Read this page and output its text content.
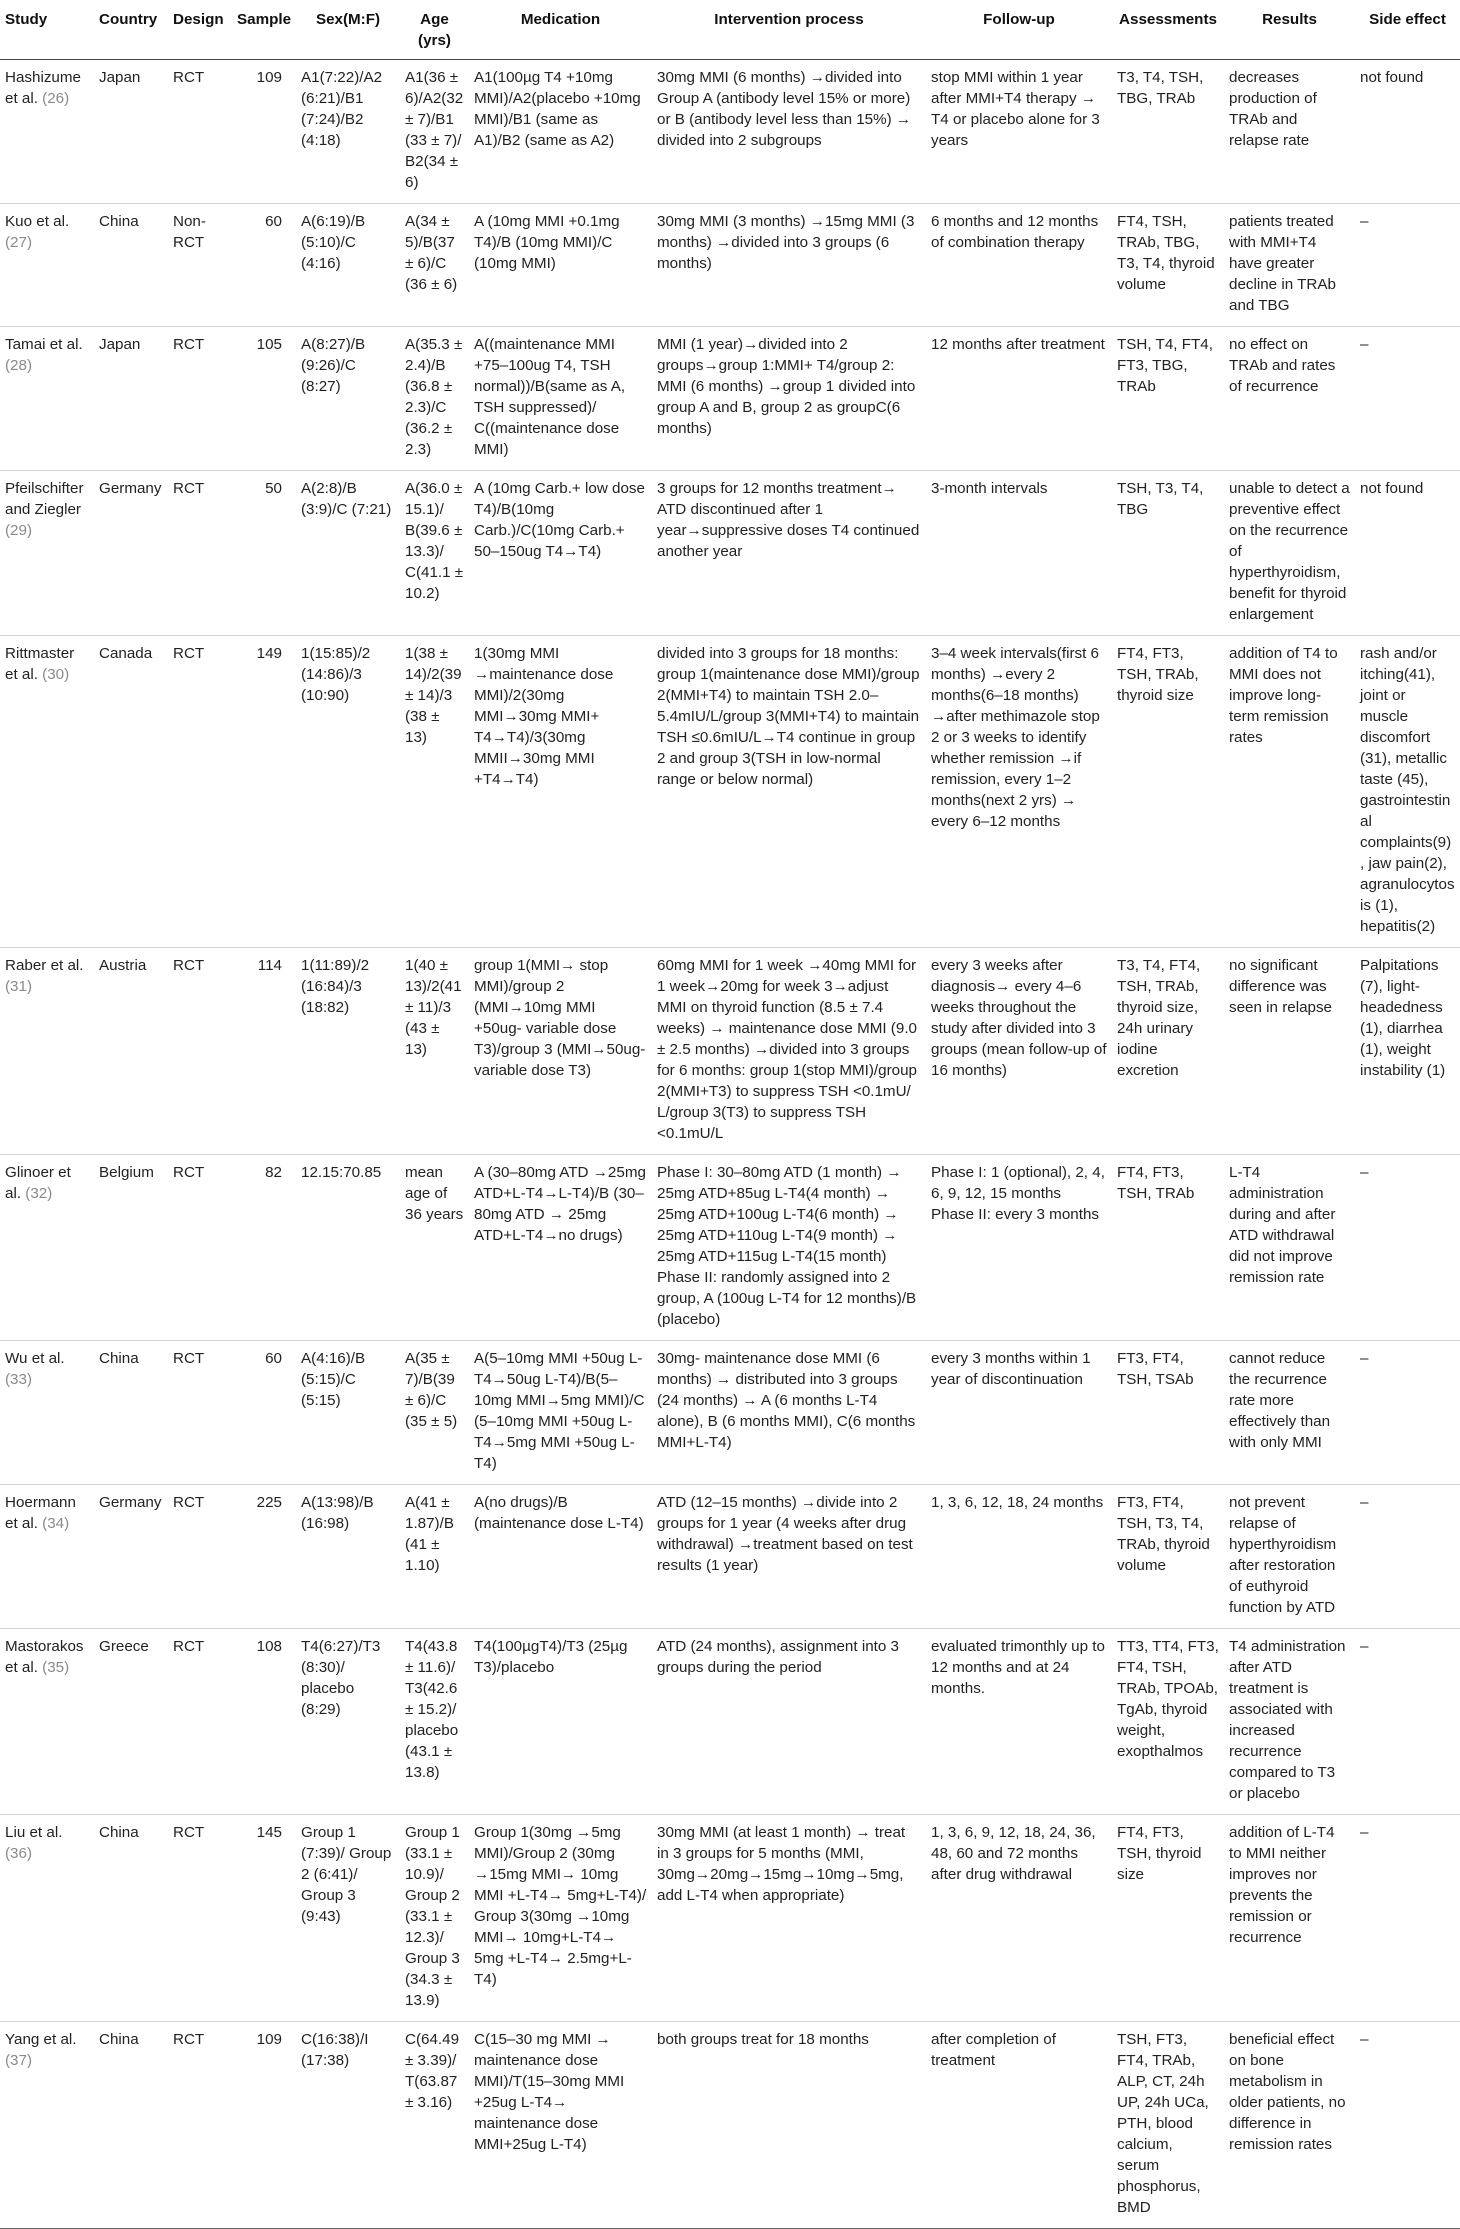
Study	Country	Design	Sample	Sex(M:F)	Age (yrs)	Medication	Intervention process	Follow-up	Assessments	Results	Side effect
Hashizume et al. (26)	Japan	RCT	109	A1(7:22)/A2 (6:21)/B1 (7:24)/B2 (4:18)	A1(36 ± 6)/A2(32 ± 7)/B1 (33 ± 7)/ B2(34 ± 6)	A1(100µg T4 +10mg MMI)/A2(placebo +10mg MMI)/B1 (same as A1)/B2 (same as A2)	30mg MMI (6 months) →divided into Group A (antibody level 15% or more) or B (antibody level less than 15%) → divided into 2 subgroups	stop MMI within 1 year after MMI+T4 therapy → T4 or placebo alone for 3 years	T3, T4, TSH, TBG, TRAb	decreases production of TRAb and relapse rate	not found
Kuo et al. (27)	China	Non-RCT	60	A(6:19)/B (5:10)/C (4:16)	A(34 ± 5)/B(37 ± 6)/C (36 ± 6)	A (10mg MMI +0.1mg T4)/B (10mg MMI)/C (10mg MMI)	30mg MMI (3 months) →15mg MMI (3 months) →divided into 3 groups (6 months)	6 months and 12 months of combination therapy	FT4, TSH, TRAb, TBG, T3, T4, thyroid volume	patients treated with MMI+T4 have greater decline in TRAb and TBG	–
Tamai et al. (28)	Japan	RCT	105	A(8:27)/B (9:26)/C (8:27)	A(35.3 ± 2.4)/B (36.8 ± 2.3)/C (36.2 ± 2.3)	A((maintenance MMI +75–100ug T4, TSH normal))/B(same as A, TSH suppressed)/ C((maintenance dose MMI)	MMI (1 year)→divided into 2 groups→group 1:MMI+ T4/group 2: MMI (6 months) →group 1 divided into group A and B, group 2 as groupC(6 months)	12 months after treatment	TSH, T4, FT4, FT3, TBG, TRAb	no effect on TRAb and rates of recurrence	–
Pfeilschifter and Ziegler (29)	Germany	RCT	50	A(2:8)/B (3:9)/C (7:21)	A(36.0 ± 15.1)/ B(39.6 ± 13.3)/ C(41.1 ± 10.2)	A (10mg Carb.+ low dose T4)/B(10mg Carb.)/C(10mg Carb.+ 50–150ug T4→T4)	3 groups for 12 months treatment→ ATD discontinued after 1 year→suppressive doses T4 continued another year	3-month intervals	TSH, T3, T4, TBG	unable to detect a preventive effect on the recurrence of hyperthyroidism, benefit for thyroid enlargement	not found
Rittmaster et al. (30)	Canada	RCT	149	1(15:85)/2 (14:86)/3 (10:90)	1(38 ± 14)/2(39 ± 14)/3 (38 ± 13)	1(30mg MMI →maintenance dose MMI)/2(30mg MMI→30mg MMI+ T4→T4)/3(30mg MMII→30mg MMI +T4→T4)	divided into 3 groups for 18 months: group 1(maintenance dose MMI)/group 2(MMI+T4) to maintain TSH 2.0–5.4mIU/L/group 3(MMI+T4) to maintain TSH ≤0.6mIU/L→T4 continue in group 2 and group 3(TSH in low-normal range or below normal)	3–4 week intervals(first 6 months) →every 2 months(6–18 months) →after methimazole stop 2 or 3 weeks to identify whether remission →if remission, every 1–2 months(next 2 yrs) → every 6–12 months	FT4, FT3, TSH, TRAb, thyroid size	addition of T4 to MMI does not improve long-term remission rates	rash and/or itching(41), joint or muscle discomfort (31), metallic taste (45), gastrointestinal complaints(9), jaw pain(2), agranulocytosis (1), hepatitis(2)
Raber et al. (31)	Austria	RCT	114	1(11:89)/2 (16:84)/3 (18:82)	1(40 ± 13)/2(41 ± 11)/3 (43 ± 13)	group 1(MMI→ stop MMI)/group 2 (MMI→10mg MMI +50ug- variable dose T3)/group 3 (MMI→50ug- variable dose T3)	60mg MMI for 1 week →40mg MMI for 1 week→20mg for week 3→adjust MMI on thyroid function (8.5 ± 7.4 weeks) → maintenance dose MMI (9.0 ± 2.5 months) →divided into 3 groups for 6 months: group 1(stop MMI)/group 2(MMI+T3) to suppress TSH <0.1mU/ L/group 3(T3) to suppress TSH <0.1mU/L	every 3 weeks after diagnosis→ every 4–6 weeks throughout the study after divided into 3 groups (mean follow-up of 16 months)	T3, T4, FT4, TSH, TRAb, thyroid size, 24h urinary iodine excretion	no significant difference was seen in relapse	Palpitations (7), light-headedness (1), diarrhea (1), weight instability (1)
Glinoer et al. (32)	Belgium	RCT	82	12.15:70.85	mean age of 36 years	A (30–80mg ATD →25mg ATD+L-T4→L-T4)/B (30–80mg ATD → 25mg ATD+L-T4→no drugs)	Phase I: 30–80mg ATD (1 month) → 25mg ATD+85ug L-T4(4 month) → 25mg ATD+100ug L-T4(6 month) → 25mg ATD+110ug L-T4(9 month) → 25mg ATD+115ug L-T4(15 month) Phase II: randomly assigned into 2 group, A (100ug L-T4 for 12 months)/B (placebo)	Phase I: 1 (optional), 2, 4, 6, 9, 12, 15 months Phase II: every 3 months	FT4, FT3, TSH, TRAb	L-T4 administration during and after ATD withdrawal did not improve remission rate	–
Wu et al. (33)	China	RCT	60	A(4:16)/B (5:15)/C (5:15)	A(35 ± 7)/B(39 ± 6)/C (35 ± 5)	A(5–10mg MMI +50ug L-T4→50ug L-T4)/B(5–10mg MMI→5mg MMI)/C (5–10mg MMI +50ug L-T4→5mg MMI +50ug L-T4)	30mg- maintenance dose MMI (6 months) → distributed into 3 groups (24 months) → A (6 months L-T4 alone), B (6 months MMI), C(6 months MMI+L-T4)	every 3 months within 1 year of discontinuation	FT3, FT4, TSH, TSAb	cannot reduce the recurrence rate more effectively than with only MMI	–
Hoermann et al. (34)	Germany	RCT	225	A(13:98)/B (16:98)	A(41 ± 1.87)/B (41 ± 1.10)	A(no drugs)/B (maintenance dose L-T4)	ATD (12–15 months) →divide into 2 groups for 1 year (4 weeks after drug withdrawal) →treatment based on test results (1 year)	1, 3, 6, 12, 18, 24 months	FT3, FT4, TSH, T3, T4, TRAb, thyroid volume	not prevent relapse of hyperthyroidism after restoration of euthyroid function by ATD	–
Mastorakos et al. (35)	Greece	RCT	108	T4(6:27)/T3 (8:30)/ placebo (8:29)	T4(43.8 ± 11.6)/ T3(42.6 ± 15.2)/ placebo (43.1 ± 13.8)	T4(100µgT4)/T3 (25µg T3)/placebo	ATD (24 months), assignment into 3 groups during the period	evaluated trimonthly up to 12 months and at 24 months.	TT3, TT4, FT3, FT4, TSH, TRAb, TPOAb, TgAb, thyroid weight, exopthalmos	T4 administration after ATD treatment is associated with increased recurrence compared to T3 or placebo	–
Liu et al. (36)	China	RCT	145	Group 1 (7:39)/ Group 2 (6:41)/ Group 3 (9:43)	Group 1 (33.1 ± 10.9)/ Group 2 (33.1 ± 12.3)/ Group 3 (34.3 ± 13.9)	Group 1(30mg →5mg MMI)/Group 2 (30mg →15mg MMI→ 10mg MMI +L-T4→ 5mg+L-T4)/ Group 3(30mg →10mg MMI→ 10mg+L-T4→ 5mg +L-T4→ 2.5mg+L-T4)	30mg MMI (at least 1 month) → treat in 3 groups for 5 months (MMI, 30mg→20mg→15mg→10mg→5mg, add L-T4 when appropriate)	1, 3, 6, 9, 12, 18, 24, 36, 48, 60 and 72 months after drug withdrawal	FT4, FT3, TSH, thyroid size	addition of L-T4 to MMI neither improves nor prevents the remission or recurrence	–
Yang et al. (37)	China	RCT	109	C(16:38)/I (17:38)	C(64.49 ± 3.39)/ T(63.87 ± 3.16)	C(15–30 mg MMI → maintenance dose MMI)/T(15–30mg MMI +25ug L-T4→ maintenance dose MMI+25ug L-T4)	both groups treat for 18 months	after completion of treatment	TSH, FT3, FT4, TRAb, ALP, CT, 24h UP, 24h UCa, PTH, blood calcium, serum phosphorus, BMD	beneficial effect on bone metabolism in older patients, no difference in remission rates	–
